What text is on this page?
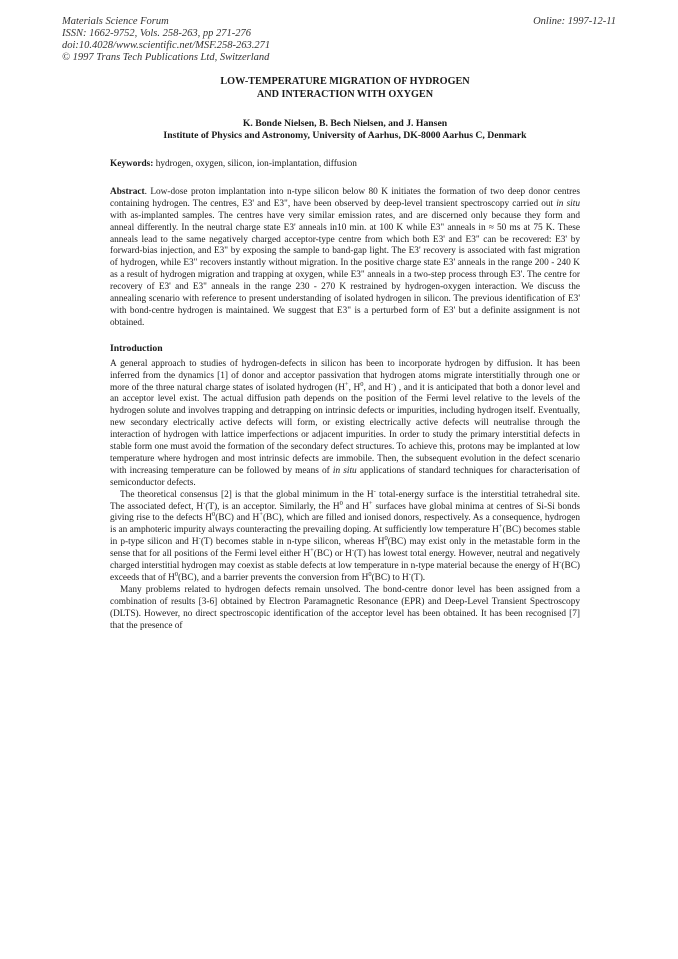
Materials Science Forum
ISSN: 1662-9752, Vols. 258-263, pp 271-276
doi:10.4028/www.scientific.net/MSF.258-263.271
© 1997 Trans Tech Publications Ltd, Switzerland
Online: 1997-12-11
LOW-TEMPERATURE MIGRATION OF HYDROGEN
AND INTERACTION WITH OXYGEN
K. Bonde Nielsen, B. Bech Nielsen, and J. Hansen
Institute of Physics and Astronomy, University of Aarhus, DK-8000 Aarhus C, Denmark
Keywords: hydrogen, oxygen, silicon, ion-implantation, diffusion
Abstract. Low-dose proton implantation into n-type silicon below 80 K initiates the formation of two deep donor centres containing hydrogen. The centres, E3' and E3", have been observed by deep-level transient spectroscopy carried out in situ with as-implanted samples. The centres have very similar emission rates, and are discerned only because they form and anneal differently. In the neutral charge state E3' anneals in10 min. at 100 K while E3" anneals in ≈ 50 ms at 75 K. These anneals lead to the same negatively charged acceptor-type centre from which both E3' and E3" can be recovered: E3' by forward-bias injection, and E3" by exposing the sample to band-gap light. The E3' recovery is associated with fast migration of hydrogen, while E3" recovers instantly without migration. In the positive charge state E3' anneals in the range 200 - 240 K as a result of hydrogen migration and trapping at oxygen, while E3" anneals in a two-step process through E3'. The centre for recovery of E3' and E3" anneals in the range 230 - 270 K restrained by hydrogen-oxygen interaction. We discuss the annealing scenario with reference to present understanding of isolated hydrogen in silicon. The previous identification of E3' with bond-centre hydrogen is maintained. We suggest that E3" is a perturbed form of E3' but a definite assignment is not obtained.
Introduction
A general approach to studies of hydrogen-defects in silicon has been to incorporate hydrogen by diffusion. It has been inferred from the dynamics [1] of donor and acceptor passivation that hydrogen atoms migrate interstitially through one or more of the three natural charge states of isolated hydrogen (H+, $H^0$, and H-) , and it is anticipated that both a donor level and an acceptor level exist. The actual diffusion path depends on the position of the Fermi level relative to the levels of the hydrogen solute and involves trapping and detrapping on intrinsic defects or impurities, including hydrogen itself. Eventually, new secondary electrically active defects will form, or existing electrically active defects will neutralise through the interaction of hydrogen with lattice imperfections or adjacent impurities. In order to study the primary interstitial defects in stable form one must avoid the formation of the secondary defect structures. To achieve this, protons may be implanted at low temperature where hydrogen and most intrinsic defects are immobile. Then, the subsequent evolution in the defect scenario with increasing temperature can be followed by means of in situ applications of standard techniques for characterisation of semiconductor defects.
The theoretical consensus [2] is that the global minimum in the H- total-energy surface is the interstitial tetrahedral site. The associated defect, H-(T), is an acceptor. Similarly, the $H^0$ and H+ surfaces have global minima at centres of Si-Si bonds giving rise to the defects $H^0(BC)$ and H+(BC), which are filled and ionised donors, respectively. As a consequence, hydrogen is an amphoteric impurity always counteracting the prevailing doping. At sufficiently low temperature H+(BC) becomes stable in p-type silicon and H-(T) becomes stable in n-type silicon, whereas $H^0(BC)$ may exist only in the metastable form in the sense that for all positions of the Fermi level either H+(BC) or H-(T) has lowest total energy. However, neutral and negatively charged interstitial hydrogen may coexist as stable defects at low temperature in n-type material because the energy of H-(BC) exceeds that of $H^0(BC)$, and a barrier prevents the conversion from $H^0(BC)$ to H-(T).
Many problems related to hydrogen defects remain unsolved. The bond-centre donor level has been assigned from a combination of results [3-6] obtained by Electron Paramagnetic Resonance (EPR) and Deep-Level Transient Spectroscopy (DLTS). However, no direct spectroscopic identification of the acceptor level has been obtained. It has been recognised [7] that the presence of
